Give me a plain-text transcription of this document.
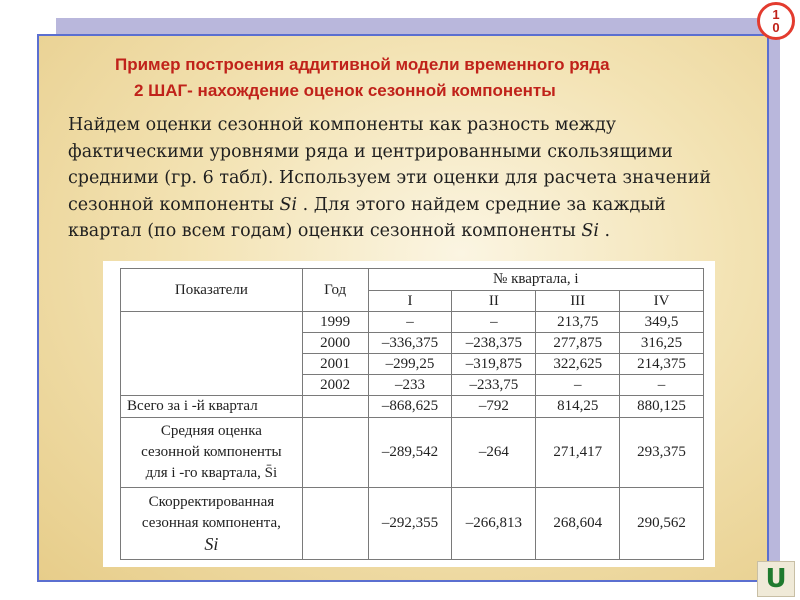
1
0
Пример построения аддитивной модели временного ряда
2 ШАГ- нахождение оценок сезонной компоненты
Найдем оценки сезонной компоненты как разность между
фактическими уровнями ряда и центрированными скользящими
средними (гр. 6 табл). Используем эти оценки для расчета значений
сезонной компоненты Si . Для этого найдем средние за каждый
квартал (по всем годам) оценки сезонной компоненты Si .
Показатели	Год	№ квартала, i			
		I	II	III	IV
	1999	–	–	213,75	349,5
	2000	–336,375	–238,375	277,875	316,25
	2001	–299,25	–319,875	322,625	214,375
	2002	–233	–233,75	–	–
Всего за i -й квартал		–868,625	–792	814,25	880,125

Средняя оценка
сезонной компоненты
для i -го квартала, S̄i		–289,542	–264	271,417	293,375

Скорректированная
сезонная компонента,
Si		–292,355	–266,813	268,604	290,562
U
